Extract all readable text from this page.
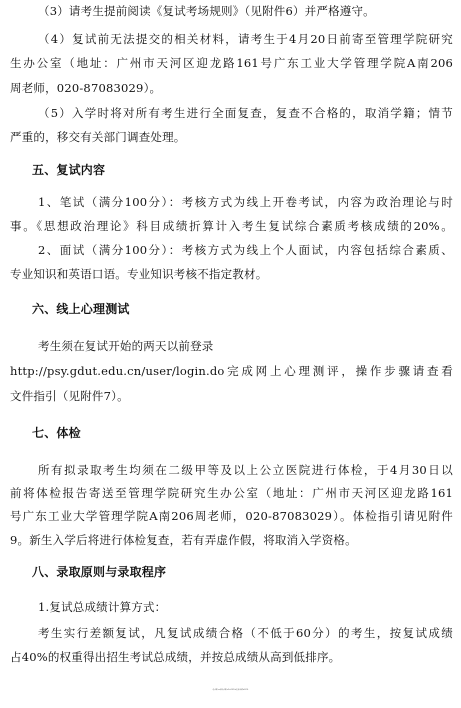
（3）请考生提前阅读《复试考场规则》（见附件6）并严格遵守。
（4）复试前无法提交的相关材料，请考生于4月20日前寄至管理学院研究
生办公室（地址：广州市天河区迎龙路161号广东工业大学管理学院A南206
周老师，020-87083029）。
（5）入学时将对所有考生进行全面复查，复查不合格的，取消学籍；情节
严重的，移交有关部门调查处理。
五、复试内容
1、笔试（满分100分）：考核方式为线上开卷考试，内容为政治理论与时
事。《思想政治理论》科目成绩折算计入考生复试综合素质考核成绩的20%。
2、面试（满分100分）：考核方式为线上个人面试，内容包括综合素质、
专业知识和英语口语。专业知识考核不指定教材。
六、线上心理测试
考生须在复试开始的两天以前登录
http://psy.gdut.edu.cn/user/login.do完成网上心理测评，操作步骤请查看
文件指引（见附件7）。
七、体检
所有拟录取考生均须在二级甲等及以上公立医院进行体检，于4月30日以
前将体检报告寄送至管理学院研究生办公室（地址：广州市天河区迎龙路161
号广东工业大学管理学院A南206周老师，020-87083029）。体检指引请见附件
9。新生入学后将进行体检复查，若有弄虚作假，将取消入学资格。
八、录取原则与录取程序
1.复试总成绩计算方式：
考生实行差额复试，凡复试成绩合格（不低于60分）的考生，按复试成绩
占40%的权重得出招生考试总成绩，并按总成绩从高到低排序。
总成绩 =初试成绩÷3×60%+复试成绩×40%
